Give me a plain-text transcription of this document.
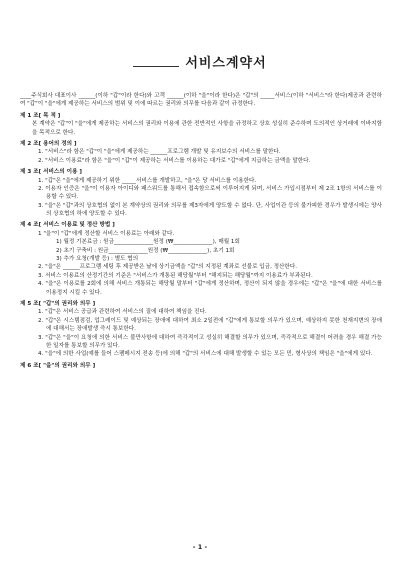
서비스계약서

____주식회사 대표이사 ______(이하 "갑"이라 한다)와 고객 ______(이하 "을"이라 한다)은 "갑"의 _____서비스(이하 "서비스"라 한다)제공과 관련하여 "갑"이 "을"에게 제공하는 서비스의 범위 및 이에 따르는 권리와 의무를 다음과 같이 규정한다.

제 1 조[ 목 적 ]

본 계약은 "갑"이 "을"에게 제공하는 서비스의 권리와 이용에 관한 전반적인 사항을 규정하고 상호 성실히 준수하며 도의적인 상거래에 이바지함을 목적으로 한다.

제 2 조[ 용어의 정의 ]

1. "서비스"라 함은 "갑"이 "을"에게 제공하는 ______프로그램 개발 및 유지보수의 서비스를 말한다.

2. "서비스 이용료"라 함은 "을"이 "갑"이 제공하는 서비스를 이용하는 대가로 "갑"에게 지급하는 금액을 말한다.

제 3 조[ 서비스의 이용 ]

1. "갑"은 "을"에게 제공하기 위한 _____서비스를 개발하고, "을"은 당 서비스를 이용한다.

2. 이용자 인증은 "을"이 이용자 아이디와 패스워드를 통해서 접속함으로써 이루어지게 되며, 서비스 가입시점부터 제 2조 1항의 서비스를 이용할 수 있다.

3. "을"은 "갑"과의 상호협의 없이 본 계약상의 권리와 의무를 제3자에게 양도할 수 없다. 단, 사업이관 등의 불가피한 경우가 발생시에는 양사의 상호협의 하에 양도할 수 있다.

제 4 조[ 서비스 이용료 및 정산 방법 ]

1 "을"이 "갑"에게 정산할 서비스 이용료는 아래와 같다.

1) 월정 기본료금 : 원금______________원정 (₩______________), 매월 1회

2) 초기 구축비 : 원금______________원정 (₩______________), 초기 1회

3) 추가 요청(개발 등) : 별도 협의

2. "을"은 ______프로그램 세팅 후 제공받은 날에 상기금액을 "갑"의 지정된 계좌로 선불로 입금, 정산한다.

3. 서비스 이용료의 산정기간의 기준은 "서비스가 개통된 해당월"부터 "해지되는 해당월"까지 이용료가 부과된다.

4. "을"은 이용료를 2회에 의해 서비스 개통되는 해당월 말부터 "갑"에게 정산하며, 정산이 되지 않을 경우에는 "갑"은 "을"에 대한 서비스를 이용정지 시킬 수 있다.

제 5 조[ "갑"의 권리와 의무 ]

1. "갑"은 서비스 공급과 관련하여 서비스의 질에 대하여 책임을 진다.

2. "갑"은 시스템점검, 업그레이드 및 예상되는 장애에 대하여 최소 2일전에 "갑"에게 통보할 의무가 있으며, 예상하지 못한 천재지변의 장애에 대해서는 장애발생 즉시 통보한다.

3. "갑"은 "을"이 요청에 의한 서비스 불만사항에 대하여 즉각적이고 성실히 해결할 의무가 있으며, 즉각적으로 해결이 어려울 경우 해결 가능한 일자를 통보할 의무가 있다.

4. "을"에 의한 사업(예를 들어 스팸메시지 전송 등)에 의해 "갑"의 서비스에 대해 발생할 수 있는 모든 민, 형사상의 책임은 "을"에게 있다.

제 6 조[ "을"의 권리와 의무 ]

- 1 -
